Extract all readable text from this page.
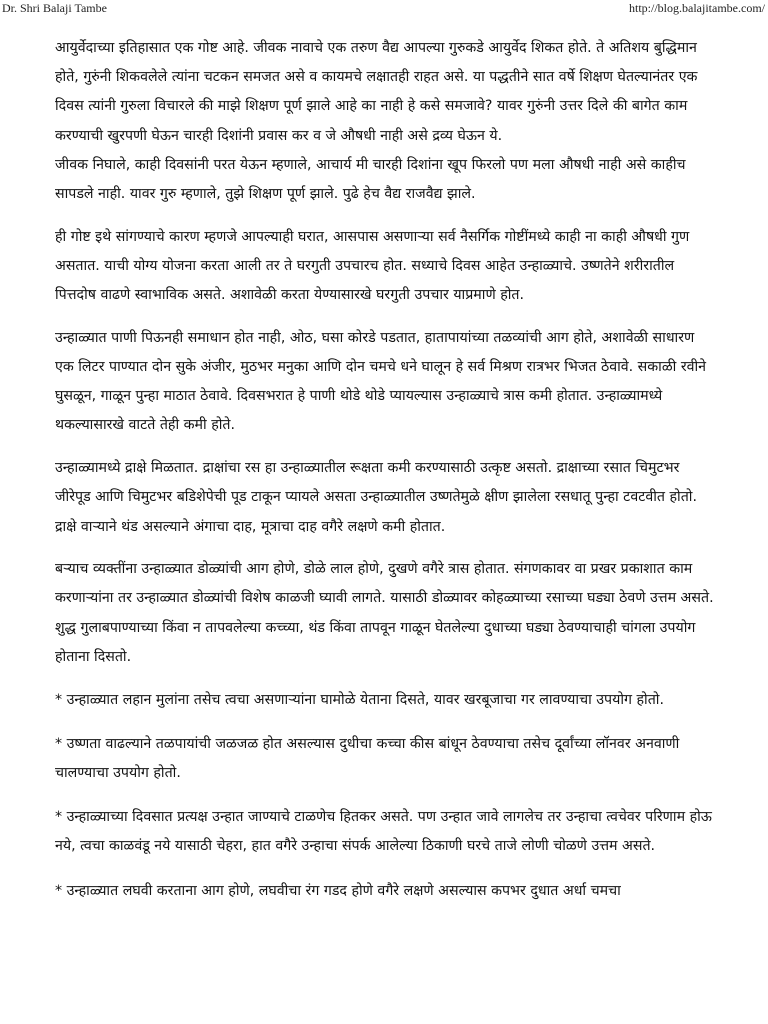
Dr. Shri Balaji Tambe	http://blog.balajitambe.com/

आयुर्वेदाच्या इतिहासात एक गोष्ट आहे. जीवक नावाचे एक तरुण वैद्य आपल्या गुरुकडे आयुर्वेद शिकत होते. ते अतिशय बुद्धिमान होते, गुरुंनी शिकवलेले त्यांना चटकन समजत असे व कायमचे लक्षातही राहत असे. या पद्धतीने सात वर्षे शिक्षण घेतल्यानंतर एक दिवस त्यांनी गुरुला विचारले की माझे शिक्षण पूर्ण झाले आहे का नाही हे कसे समजावे? यावर गुरुंनी उत्तर दिले की बागेत काम करण्याची खुरपणी घेऊन चारही दिशांनी प्रवास कर व जे औषधी नाही असे द्रव्य घेऊन ये.

जीवक निघाले, काही दिवसांनी परत येऊन म्हणाले, आचार्य मी चारही दिशांना खूप फिरलो पण मला औषधी नाही असे काहीच सापडले नाही. यावर गुरु म्हणाले, तुझे शिक्षण पूर्ण झाले. पुढे हेच वैद्य राजवैद्य झाले.

ही गोष्ट इथे सांगण्याचे कारण म्हणजे आपल्याही घरात, आसपास असणाऱ्या सर्व नैसर्गिक गोष्टींमध्ये काही ना काही औषधी गुण असतात. याची योग्य योजना करता आली तर ते घरगुती उपचारच होत. सध्याचे दिवस आहेत उन्हाळ्याचे. उष्णतेने शरीरातील पित्तदोष वाढणे स्वाभाविक असते. अशावेळी करता येण्यासारखे घरगुती उपचार याप्रमाणे होत.

उन्हाळ्यात पाणी पिऊनही समाधान होत नाही, ओठ, घसा कोरडे पडतात, हातापायांच्या तळव्यांची आग होते, अशावेळी साधारण एक लिटर पाण्यात दोन सुके अंजीर, मुठभर मनुका आणि दोन चमचे धने घालून हे सर्व मिश्रण रात्रभर भिजत ठेवावे. सकाळी रवीने घुसळून, गाळून पुन्हा माठात ठेवावे. दिवसभरात हे पाणी थोडे थोडे प्यायल्यास उन्हाळ्याचे त्रास कमी होतात. उन्हाळ्यामध्ये थकल्यासारखे वाटते तेही कमी होते.

उन्हाळ्यामध्ये द्राक्षे मिळतात. द्राक्षांचा रस हा उन्हाळ्यातील रूक्षता कमी करण्यासाठी उत्कृष्ट असतो. द्राक्षाच्या रसात चिमुटभर जीरेपूड आणि चिमुटभर बडिशेपेची पूड टाकून प्यायले असता उन्हाळ्यातील उष्णतेमुळे क्षीण झालेला रसधातू पुन्हा टवटवीत होतो. द्राक्षे वाऱ्याने थंड असल्याने अंगाचा दाह, मूत्राचा दाह वगैरे लक्षणे कमी होतात.

बऱ्याच व्यक्तींना उन्हाळ्यात डोळ्यांची आग होणे, डोळे लाल होणे, दुखणे वगैरे त्रास होतात. संगणकावर वा प्रखर प्रकाशात काम करणाऱ्यांना तर उन्हाळ्यात डोळ्यांची विशेष काळजी घ्यावी लागते. यासाठी डोळ्यावर कोहळ्याच्या रसाच्या घड्या ठेवणे उत्तम असते. शुद्ध गुलाबपाण्याच्या किंवा न तापवलेल्या कच्च्या, थंड किंवा तापवून गाळून घेतलेल्या दुधाच्या घड्या ठेवण्याचाही चांगला उपयोग होताना दिसतो.

* उन्हाळ्यात लहान मुलांना तसेच त्वचा असणाऱ्यांना घामोळे येताना दिसते, यावर खरबूजाचा गर लावण्याचा उपयोग होतो.

* उष्णता वाढल्याने तळपायांची जळजळ होत असल्यास दुधीचा कच्चा कीस बांधून ठेवण्याचा तसेच दूर्वांच्या लॉनवर अनवाणी चालण्याचा उपयोग होतो.

* उन्हाळ्याच्या दिवसात प्रत्यक्ष उन्हात जाण्याचे टाळणेच हितकर असते. पण उन्हात जावे लागलेच तर उन्हाचा त्वचेवर परिणाम होऊ नये, त्वचा काळवंडू नये यासाठी चेहरा, हात वगैरे उन्हाचा संपर्क आलेल्या ठिकाणी घरचे ताजे लोणी चोळणे उत्तम असते.

* उन्हाळ्यात लघवी करताना आग होणे, लघवीचा रंग गडद होणे वगैरे लक्षणे असल्यास कपभर दुधात अर्धा चमचा
